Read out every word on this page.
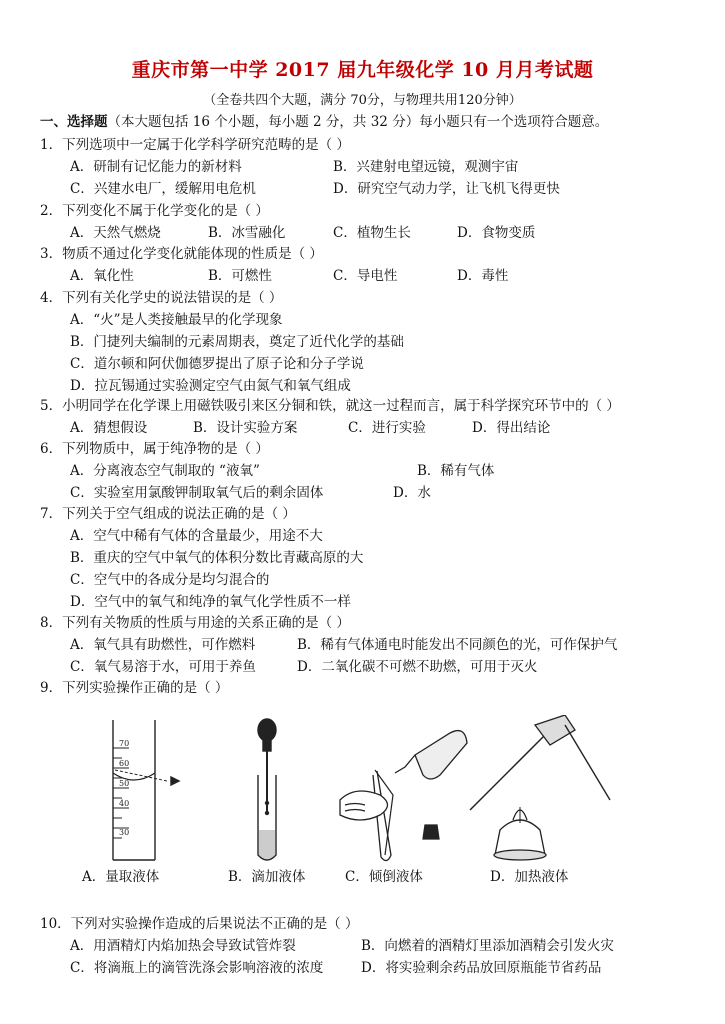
重庆市第一中学 2017 届九年级化学 10 月月考试题
（全卷共四个大题，满分 70分，与物理共用120分钟）
一、选择题（本大题包括 16 个小题，每小题 2 分，共 32 分）每小题只有一个选项符合题意。
1．下列选项中一定属于化学科学研究范畴的是（ ）
A．研制有记忆能力的新材料	B．兴建射电望远镜，观测宇宙
C．兴建水电厂，缓解用电危机	D．研究空气动力学，让飞机飞得更快
2．下列变化不属于化学变化的是（ ）
A．天然气燃烧	B．冰雪融化	C．植物生长	D．食物变质
3．物质不通过化学变化就能体现的性质是（ ）
A．氧化性	B．可燃性	C．导电性	D．毒性
4．下列有关化学史的说法错误的是（ ）
A．“火”是人类接触最早的化学现象
B．门捷列夫编制的元素周期表，奠定了近代化学的基础
C．道尔顿和阿伏伽德罗提出了原子论和分子学说
D．拉瓦锡通过实验测定空气由氮气和氧气组成
5．小明同学在化学课上用磁铁吸引来区分铜和铁，就这一过程而言，属于科学探究环节中的（ ）
A．猜想假设	B．设计实验方案	C．进行实验	D．得出结论
6．下列物质中，属于纯净物的是（ ）
A．分离液态空气制取的 “液氧”	B．稀有气体
C．实验室用氯酸钾制取氧气后的剩余固体	D．水
7．下列关于空气组成的说法正确的是（ ）
A．空气中稀有气体的含量最少，用途不大
B．重庆的空气中氧气的体积分数比青藏高原的大
C．空气中的各成分是均匀混合的
D．空气中的氧气和纯净的氧气化学性质不一样
8．下列有关物质的性质与用途的关系正确的是（ ）
A．氧气具有助燃性，可作燃料	B．稀有气体通电时能发出不同颜色的光，可作保护气
C．氧气易溶于水，可用于养鱼	D．二氧化碳不可燃不助燃，可用于灭火
9．下列实验操作正确的是（ ）
70
60
50
40
30
A．量取液体	B．滴加液体	C．倾倒液体	D．加热液体
10．下列对实验操作造成的后果说法不正确的是（ ）
A．用酒精灯内焰加热会导致试管炸裂	B．向燃着的酒精灯里添加酒精会引发火灾
C．将滴瓶上的滴管洗涤会影响溶液的浓度	D．将实验剩余药品放回原瓶能节省药品
